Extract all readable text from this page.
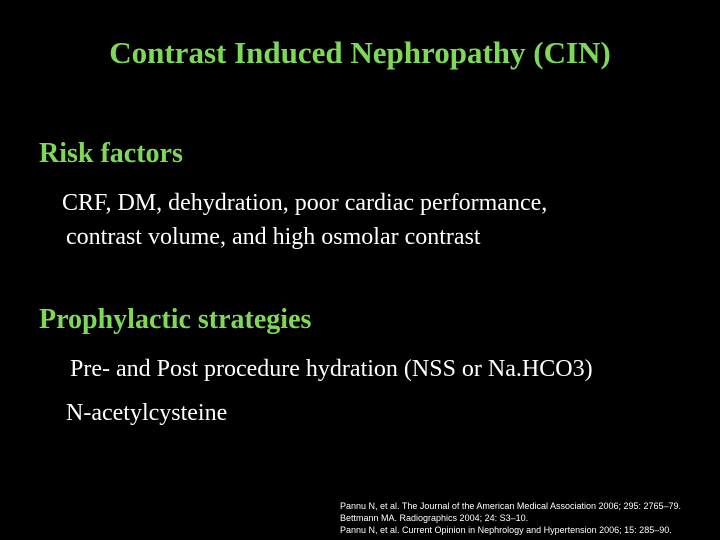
Contrast Induced Nephropathy (CIN)
Risk factors

CRF, DM, dehydration, poor cardiac performance,

contrast volume, and high osmolar contrast

Prophylactic strategies

Pre- and Post procedure hydration (NSS or Na.HCO3)

N-acetylcysteine

Pannu N, et al. The Journal of the American Medical Association 2006; 295: 2765–79.
Bettmann MA. Radiographics 2004; 24: S3–10.
Pannu N, et al. Current Opinion in Nephrology and Hypertension 2006; 15: 285–90.
